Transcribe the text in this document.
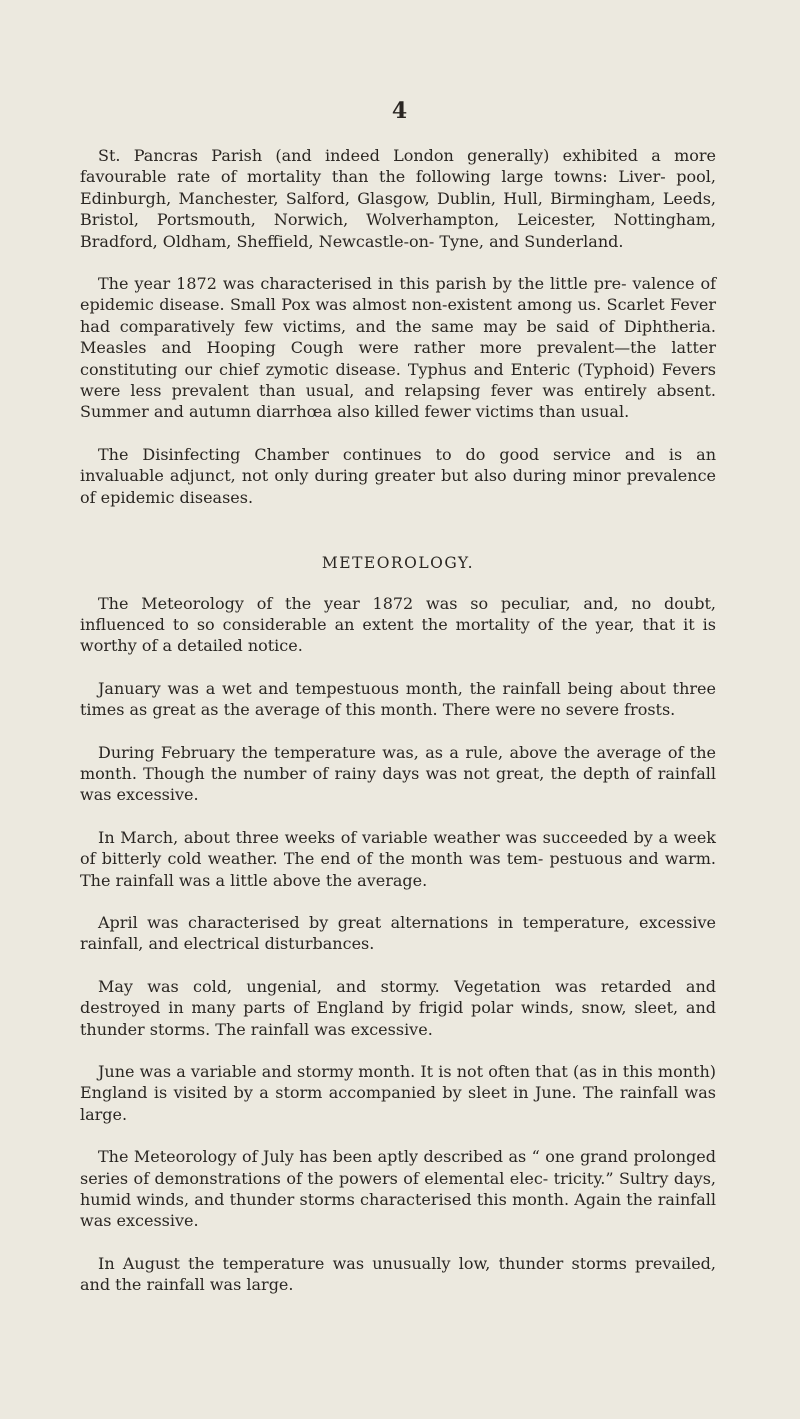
4

St. Pancras Parish (and indeed London generally) exhibited a more favourable rate of mortality than the following large towns: Liver- pool, Edinburgh, Manchester, Salford, Glasgow, Dublin, Hull, Birmingham, Leeds, Bristol, Portsmouth, Norwich, Wolverhampton, Leicester, Nottingham, Bradford, Oldham, Sheffield, Newcastle-on- Tyne, and Sunderland.

The year 1872 was characterised in this parish by the little pre- valence of epidemic disease. Small Pox was almost non-existent among us. Scarlet Fever had comparatively few victims, and the same may be said of Diphtheria. Measles and Hooping Cough were rather more prevalent—the latter constituting our chief zymotic disease. Typhus and Enteric (Typhoid) Fevers were less prevalent than usual, and relapsing fever was entirely absent. Summer and autumn diarrhœa also killed fewer victims than usual.

The Disinfecting Chamber continues to do good service and is an invaluable adjunct, not only during greater but also during minor prevalence of epidemic diseases.

METEOROLOGY.

The Meteorology of the year 1872 was so peculiar, and, no doubt, influenced to so considerable an extent the mortality of the year, that it is worthy of a detailed notice.

January was a wet and tempestuous month, the rainfall being about three times as great as the average of this month. There were no severe frosts.

During February the temperature was, as a rule, above the average of the month. Though the number of rainy days was not great, the depth of rainfall was excessive.

In March, about three weeks of variable weather was succeeded by a week of bitterly cold weather. The end of the month was tem- pestuous and warm. The rainfall was a little above the average.

April was characterised by great alternations in temperature, excessive rainfall, and electrical disturbances.

May was cold, ungenial, and stormy. Vegetation was retarded and destroyed in many parts of England by frigid polar winds, snow, sleet, and thunder storms. The rainfall was excessive.

June was a variable and stormy month. It is not often that (as in this month) England is visited by a storm accompanied by sleet in June. The rainfall was large.

The Meteorology of July has been aptly described as “ one grand prolonged series of demonstrations of the powers of elemental elec- tricity.” Sultry days, humid winds, and thunder storms characterised this month. Again the rainfall was excessive.

In August the temperature was unusually low, thunder storms prevailed, and the rainfall was large.
